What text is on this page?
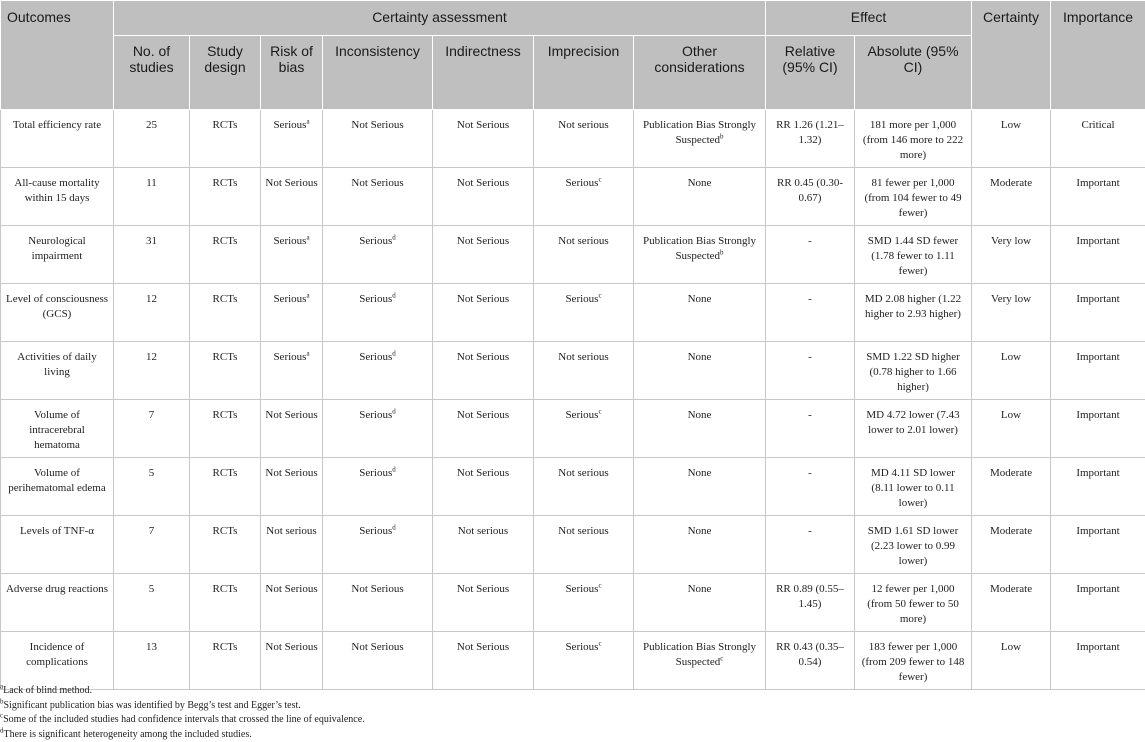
Outcomes	Certainty assessment							Effect		Certainty	Importance
	No. of studies	Study design	Risk of bias	Inconsistency	Indirectness	Imprecision	Other considerations	Relative (95% CI)	Absolute (95% CI)		
Total efficiency rate	25	RCTs	Serious$^a$	Not Serious	Not Serious	Not serious	Publication Bias Strongly Suspected$^b$	RR 1.26 (1.21–1.32)	181 more per 1,000 (from 146 more to 222 more)	Low	Critical
All-cause mortality within 15 days	11	RCTs	Not Serious	Not Serious	Not Serious	Serious$^c$	None	RR 0.45 (0.30-0.67)	81 fewer per 1,000 (from 104 fewer to 49 fewer)	Moderate	Important
Neurological impairment	31	RCTs	Serious$^a$	Serious$^d$	Not Serious	Not serious	Publication Bias Strongly Suspected$^b$	-	SMD 1.44 SD fewer (1.78 fewer to 1.11 fewer)	Very low	Important
Level of consciousness (GCS)	12	RCTs	Serious$^a$	Serious$^d$	Not Serious	Serious$^c$	None	-	MD 2.08 higher (1.22 higher to 2.93 higher)	Very low	Important
Activities of daily living	12	RCTs	Serious$^a$	Serious$^d$	Not Serious	Not serious	None	-	SMD 1.22 SD higher (0.78 higher to 1.66 higher)	Low	Important
Volume of intracerebral hematoma	7	RCTs	Not Serious	Serious$^d$	Not Serious	Serious$^c$	None	-	MD 4.72 lower (7.43 lower to 2.01 lower)	Low	Important
Volume of perihematomal edema	5	RCTs	Not Serious	Serious$^d$	Not Serious	Not serious	None	-	MD 4.11 SD lower (8.11 lower to 0.11 lower)	Moderate	Important
Levels of TNF-α	7	RCTs	Not serious	Serious$^d$	Not serious	Not serious	None	-	SMD 1.61 SD lower (2.23 lower to 0.99 lower)	Moderate	Important
Adverse drug reactions	5	RCTs	Not Serious	Not Serious	Not Serious	Serious$^c$	None	RR 0.89 (0.55–1.45)	12 fewer per 1,000 (from 50 fewer to 50 more)	Moderate	Important
Incidence of complications	13	RCTs	Not Serious	Not Serious	Not Serious	Serious$^c$	Publication Bias Strongly Suspected$^c$	RR 0.43 (0.35–0.54)	183 fewer per 1,000 (from 209 fewer to 148 fewer)	Low	Important

$^a$Lack of blind method.

$^b$Significant publication bias was identified by Begg’s test and Egger’s test.

$^c$Some of the included studies had confidence intervals that crossed the line of equivalence.

$^d$There is significant heterogeneity among the included studies.
